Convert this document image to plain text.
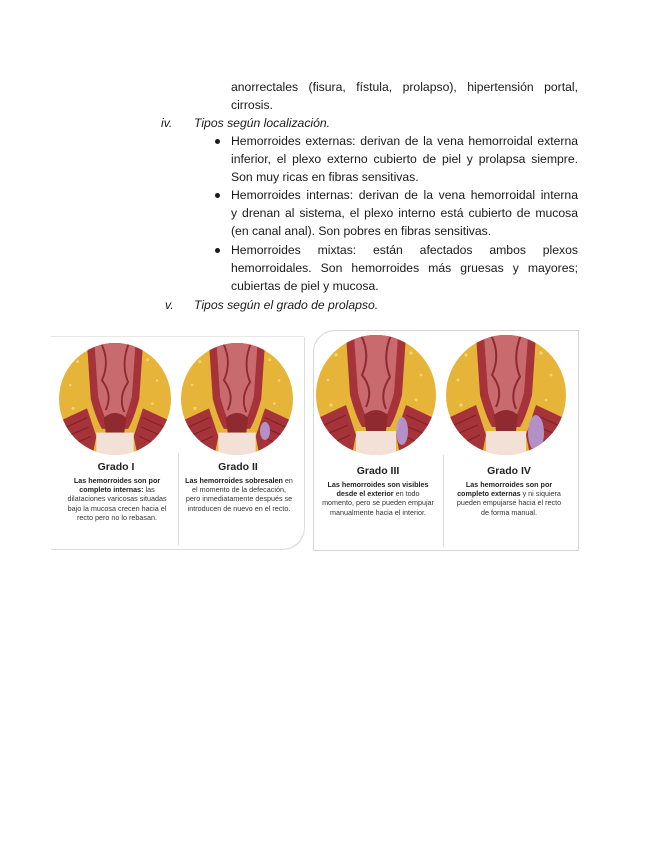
anorrectales (fisura, fístula, prolapso), hipertensión portal,
cirrosis.
iv. Tipos según localización.
Hemorroides externas: derivan de la vena hemorroidal externa
inferior, el plexo externo cubierto de piel y prolapsa siempre.
Son muy ricas en fibras sensitivas.
Hemorroides internas: derivan de la vena hemorroidal interna
y drenan al sistema, el plexo interno está cubierto de mucosa
(en canal anal). Son pobres en fibras sensitivas.
Hemorroides mixtas: están afectados ambos plexos
hemorroidales. Son hemorroides más gruesas y mayores;
cubiertas de piel y mucosa.
v. Tipos según el grado de prolapso.
Grado I
Las hemorroides son por completo internas: las dilataciones varicosas situadas bajo la mucosa crecen hacia el recto pero no lo rebasan.
Grado II
Las hemorroides sobresalen en el momento de la defecación, pero inmediatamente después se introducen de nuevo en el recto.
Grado III
Las hemorroides son visibles desde el exterior en todo momento, pero se pueden empujar manualmente hacia el interior.
Grado IV
Las hemorroides son por completo externas y ni siquiera pueden empujarse hacia el recto de forma manual.
